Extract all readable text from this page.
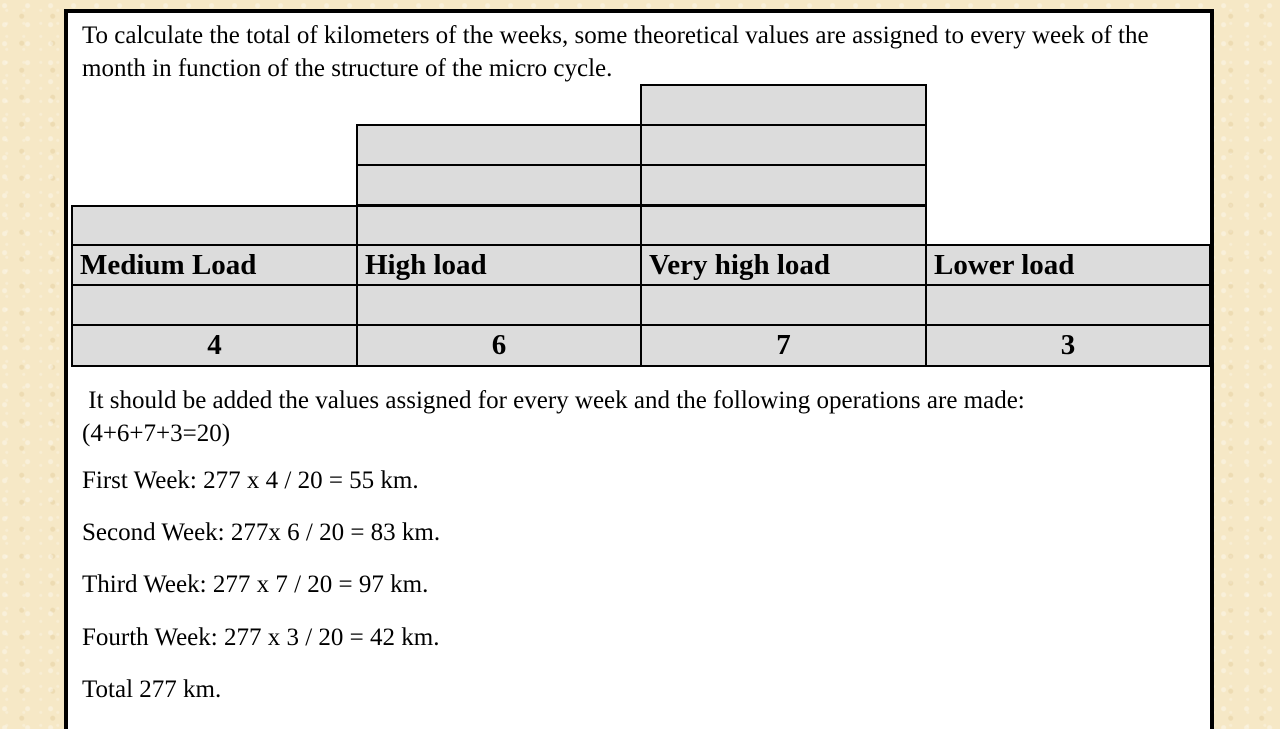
To calculate the total of kilometers of the weeks, some theoretical values are assigned to every week of the month in function of the structure of the micro cycle.

Medium Load	High load	Very high load	Lower load
4	6	7	3

It should be added the values assigned for every week and the following operations are made:

(4+6+7+3=20)

First Week: 277 x 4 / 20 = 55 km.

Second Week: 277x 6 / 20 = 83 km.

Third Week: 277 x 7 / 20 = 97 km.

Fourth Week: 277 x 3 / 20 = 42 km.

Total 277 km.
